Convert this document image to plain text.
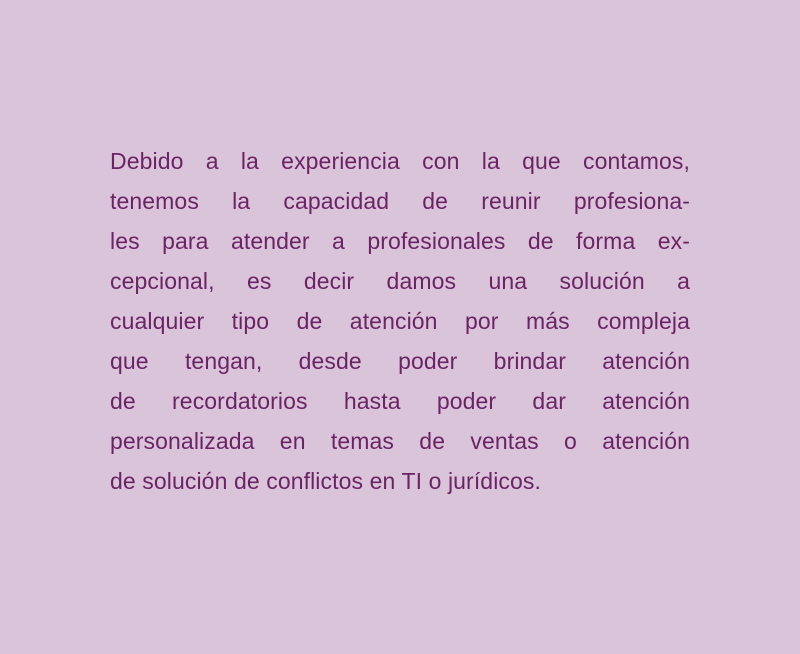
Debido a la experiencia con la que contamos,
tenemos la capacidad de reunir profesiona-
les para atender a profesionales de forma ex-
cepcional, es decir damos una solución a
cualquier tipo de atención por más compleja
que tengan, desde poder brindar atención
de recordatorios hasta poder dar atención
personalizada en temas de ventas o atención
de solución de conflictos en TI o jurídicos.
